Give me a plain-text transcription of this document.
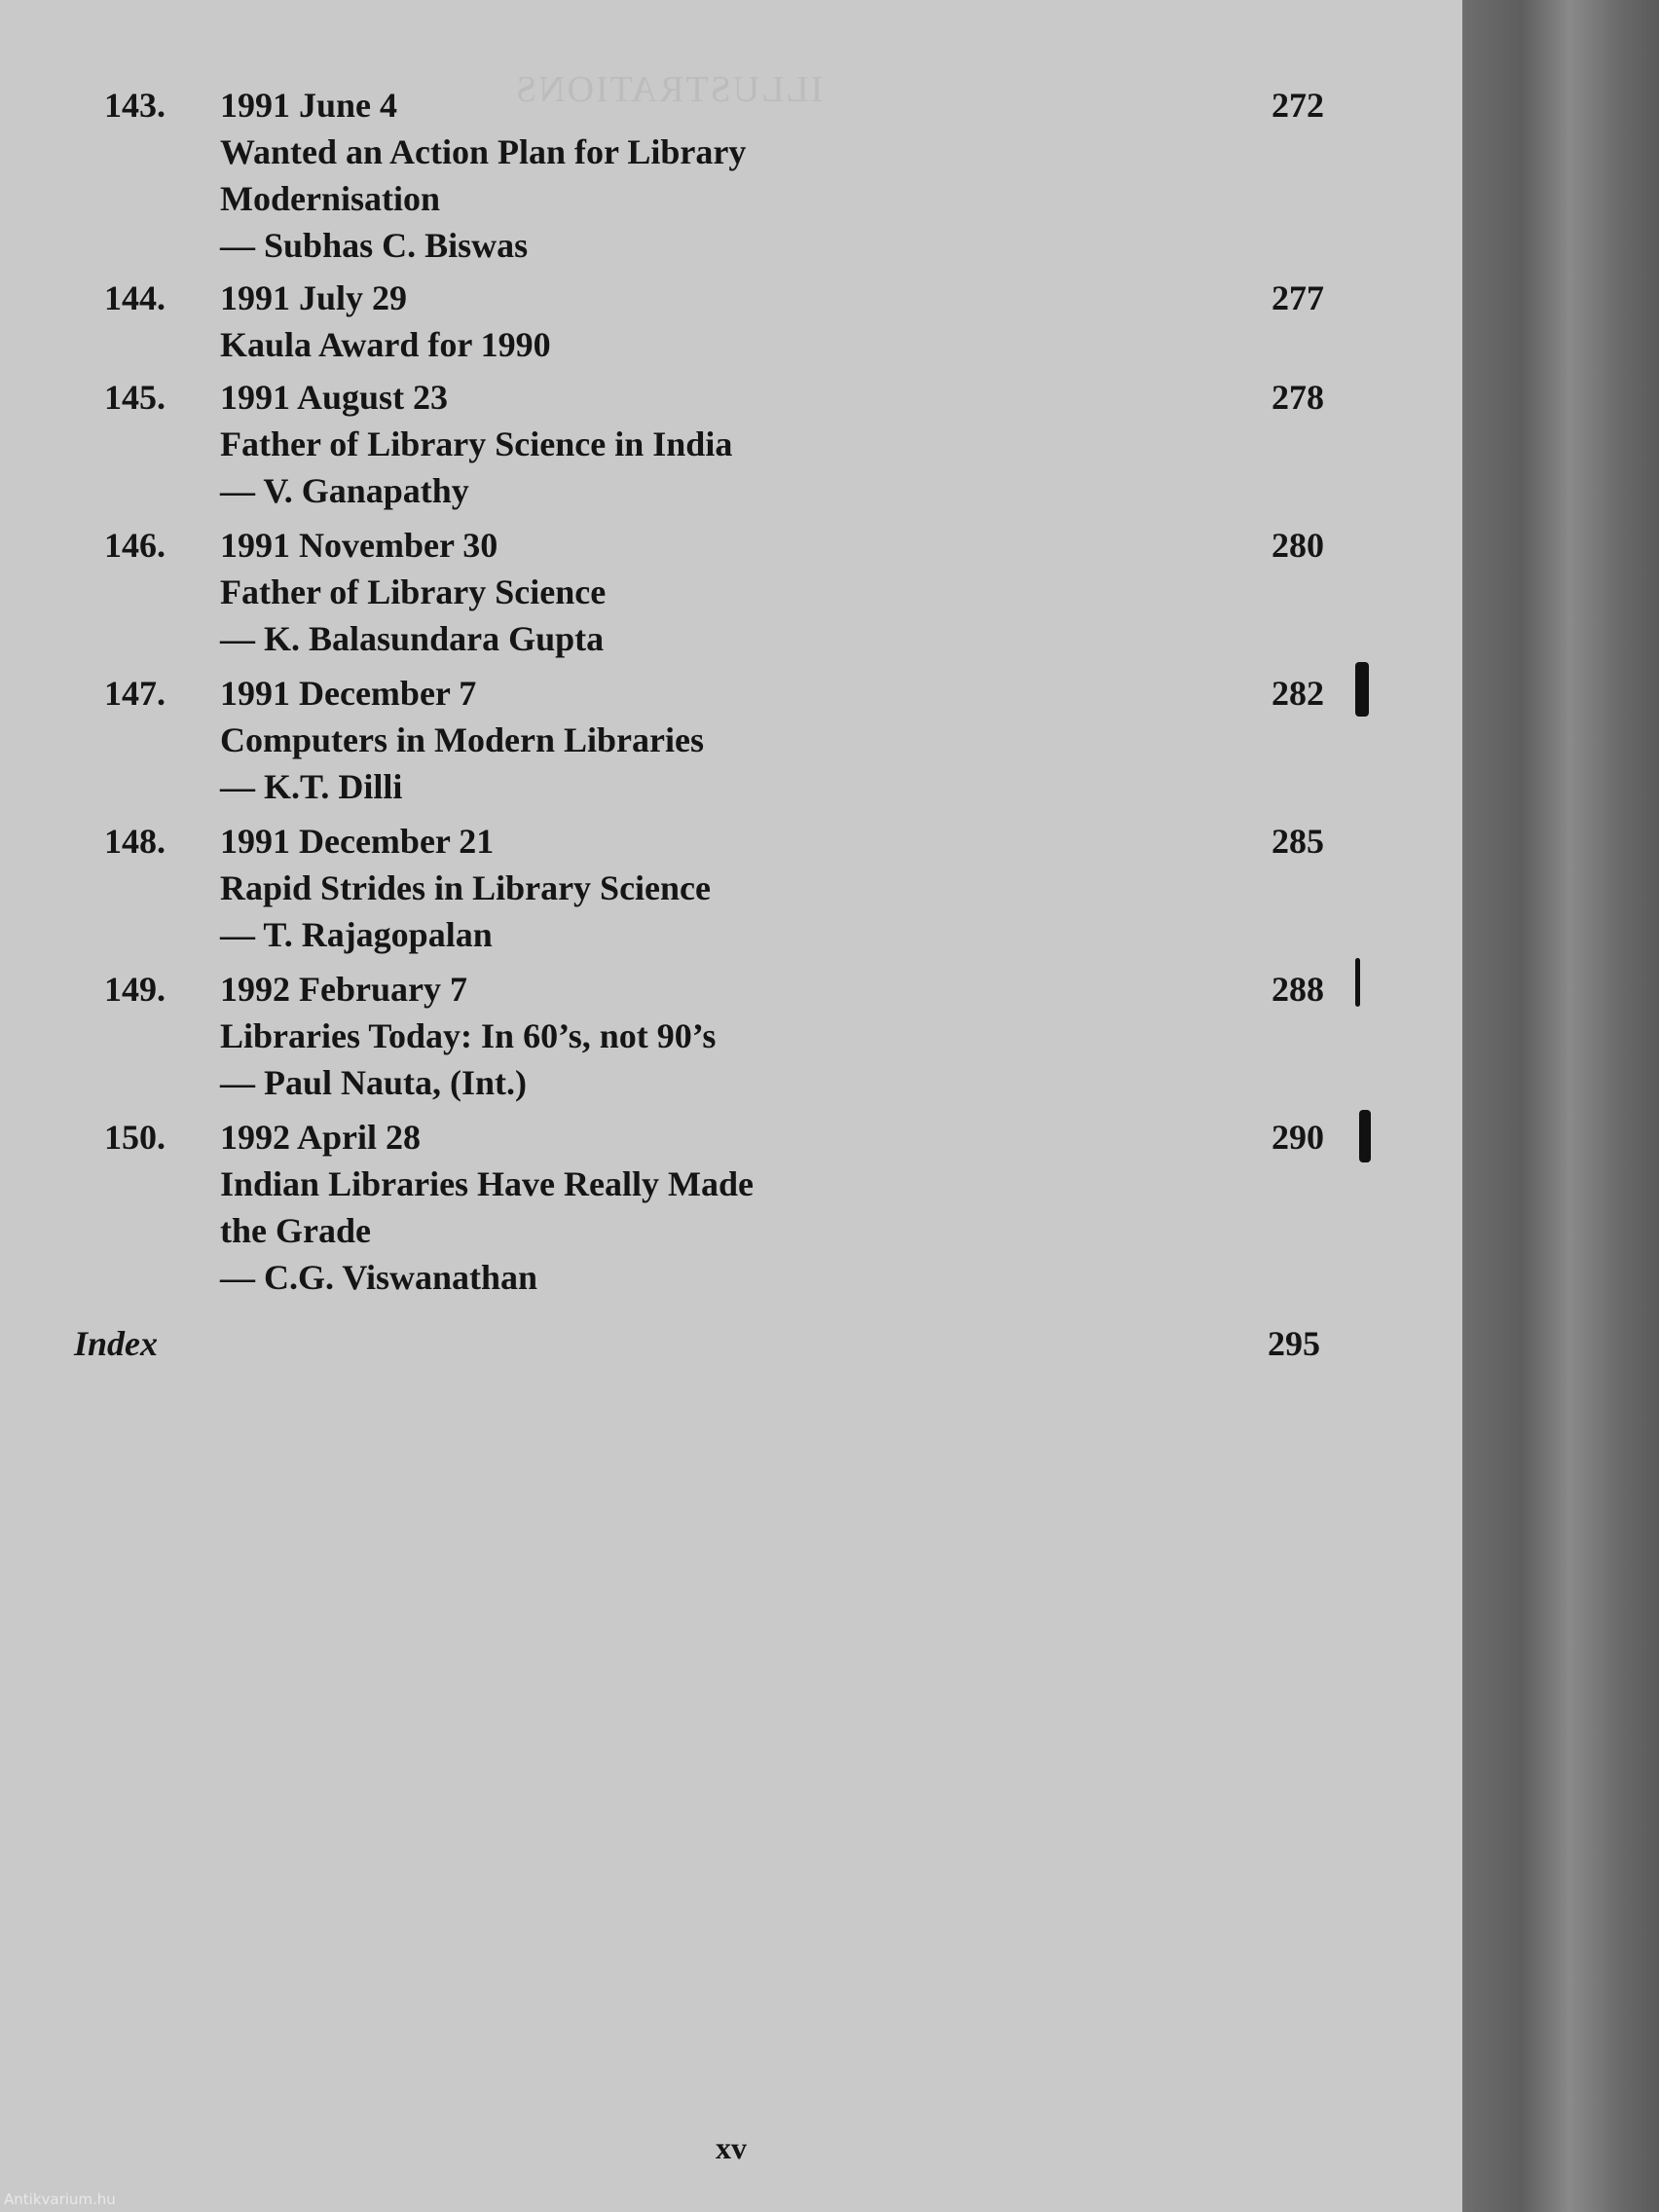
ILLUSTRATIONS
143. 1991 June 4
Wanted an Action Plan for Library
Modernisation
— Subhas C. Biswas
272
144. 1991 July 29
Kaula Award for 1990
277
145. 1991 August 23
Father of Library Science in India
— V. Ganapathy
278
146. 1991 November 30
Father of Library Science
— K. Balasundara Gupta
280
147. 1991 December 7
Computers in Modern Libraries
— K.T. Dilli
282
148. 1991 December 21
Rapid Strides in Library Science
— T. Rajagopalan
285
149. 1992 February 7
Libraries Today: In 60’s, not 90’s
— Paul Nauta, (Int.)
288
150. 1992 April 28
Indian Libraries Have Really Made
the Grade
— C.G. Viswanathan
290
Index	295
xv
Antikvarium.hu
